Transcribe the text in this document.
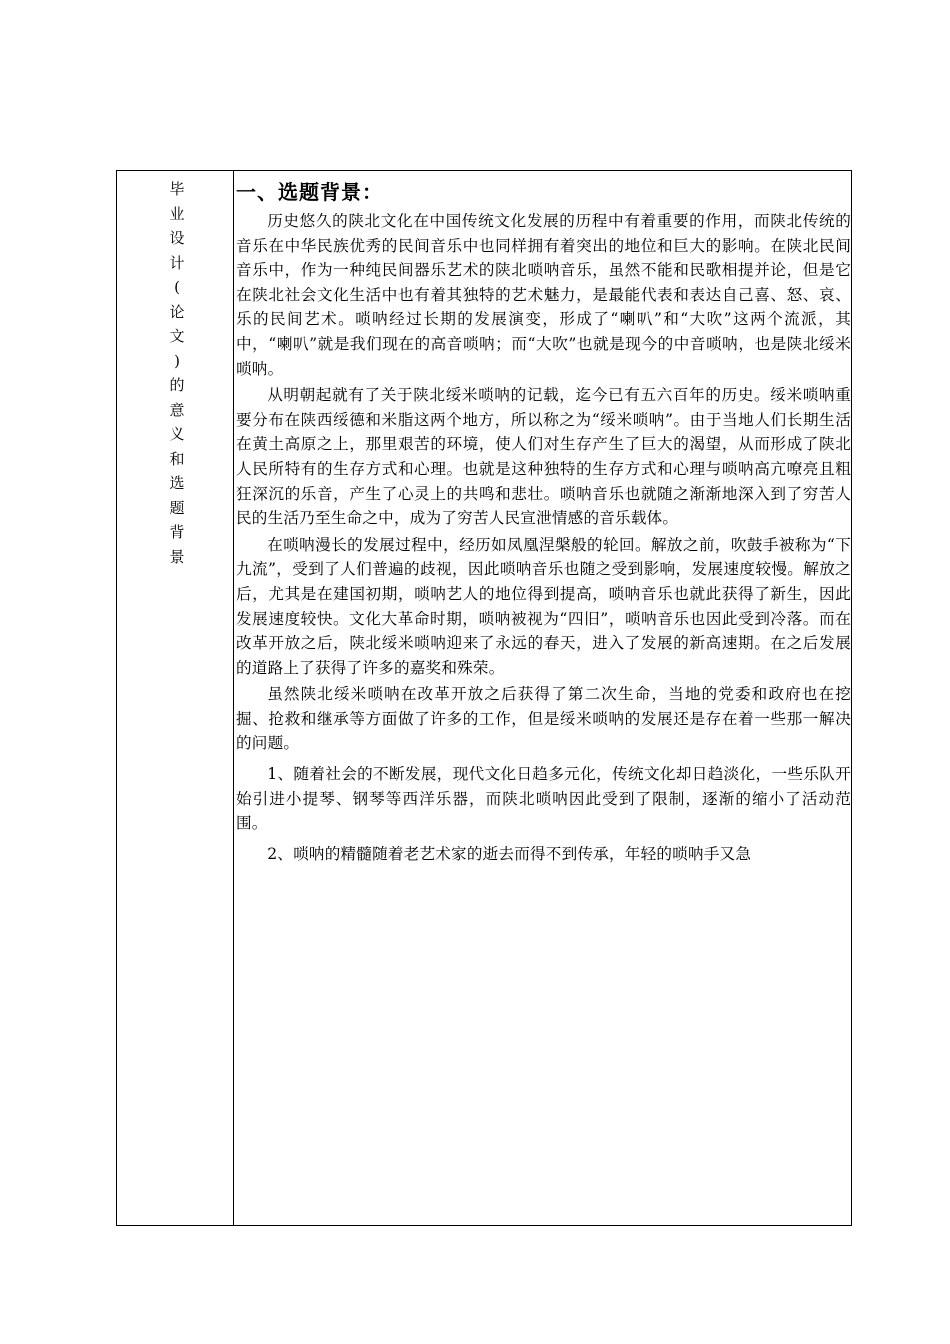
毕
业
设
计
(
论
文
)
的
意
义
和
选
题
背
景
一、选题背景：

历史悠久的陕北文化在中国传统文化发展的历程中有着重要的作用，而陕北传统的音乐在中华民族优秀的民间音乐中也同样拥有着突出的地位和巨大的影响。在陕北民间音乐中，作为一种纯民间器乐艺术的陕北唢呐音乐，虽然不能和民歌相提并论，但是它在陕北社会文化生活中也有着其独特的艺术魅力，是最能代表和表达自己喜、怒、哀、乐的民间艺术。唢呐经过长期的发展演变，形成了“喇叭”和“大吹”这两个流派，其中，“喇叭”就是我们现在的高音唢呐；而“大吹”也就是现今的中音唢呐，也是陕北绥米唢呐。

从明朝起就有了关于陕北绥米唢呐的记载，迄今已有五六百年的历史。绥米唢呐重要分布在陕西绥德和米脂这两个地方，所以称之为“绥米唢呐”。由于当地人们长期生活在黄土高原之上，那里艰苦的环境，使人们对生存产生了巨大的渴望，从而形成了陕北人民所特有的生存方式和心理。也就是这种独特的生存方式和心理与唢呐高亢嘹亮且粗狂深沉的乐音，产生了心灵上的共鸣和悲壮。唢呐音乐也就随之渐渐地深入到了穷苦人民的生活乃至生命之中，成为了穷苦人民宣泄情感的音乐载体。

在唢呐漫长的发展过程中，经历如凤凰涅槃般的轮回。解放之前，吹鼓手被称为“下九流”，受到了人们普遍的歧视，因此唢呐音乐也随之受到影响，发展速度较慢。解放之后，尤其是在建国初期，唢呐艺人的地位得到提高，唢呐音乐也就此获得了新生，因此发展速度较快。文化大革命时期，唢呐被视为“四旧”，唢呐音乐也因此受到冷落。而在改革开放之后，陕北绥米唢呐迎来了永远的春天，进入了发展的新高速期。在之后发展的道路上了获得了许多的嘉奖和殊荣。

虽然陕北绥米唢呐在改革开放之后获得了第二次生命，当地的党委和政府也在挖掘、抢救和继承等方面做了许多的工作，但是绥米唢呐的发展还是存在着一些那一解决的问题。

1、随着社会的不断发展，现代文化日趋多元化，传统文化却日趋淡化，一些乐队开始引进小提琴、钢琴等西洋乐器，而陕北唢呐因此受到了限制，逐渐的缩小了活动范围。

2、唢呐的精髓随着老艺术家的逝去而得不到传承，年轻的唢呐手又急
